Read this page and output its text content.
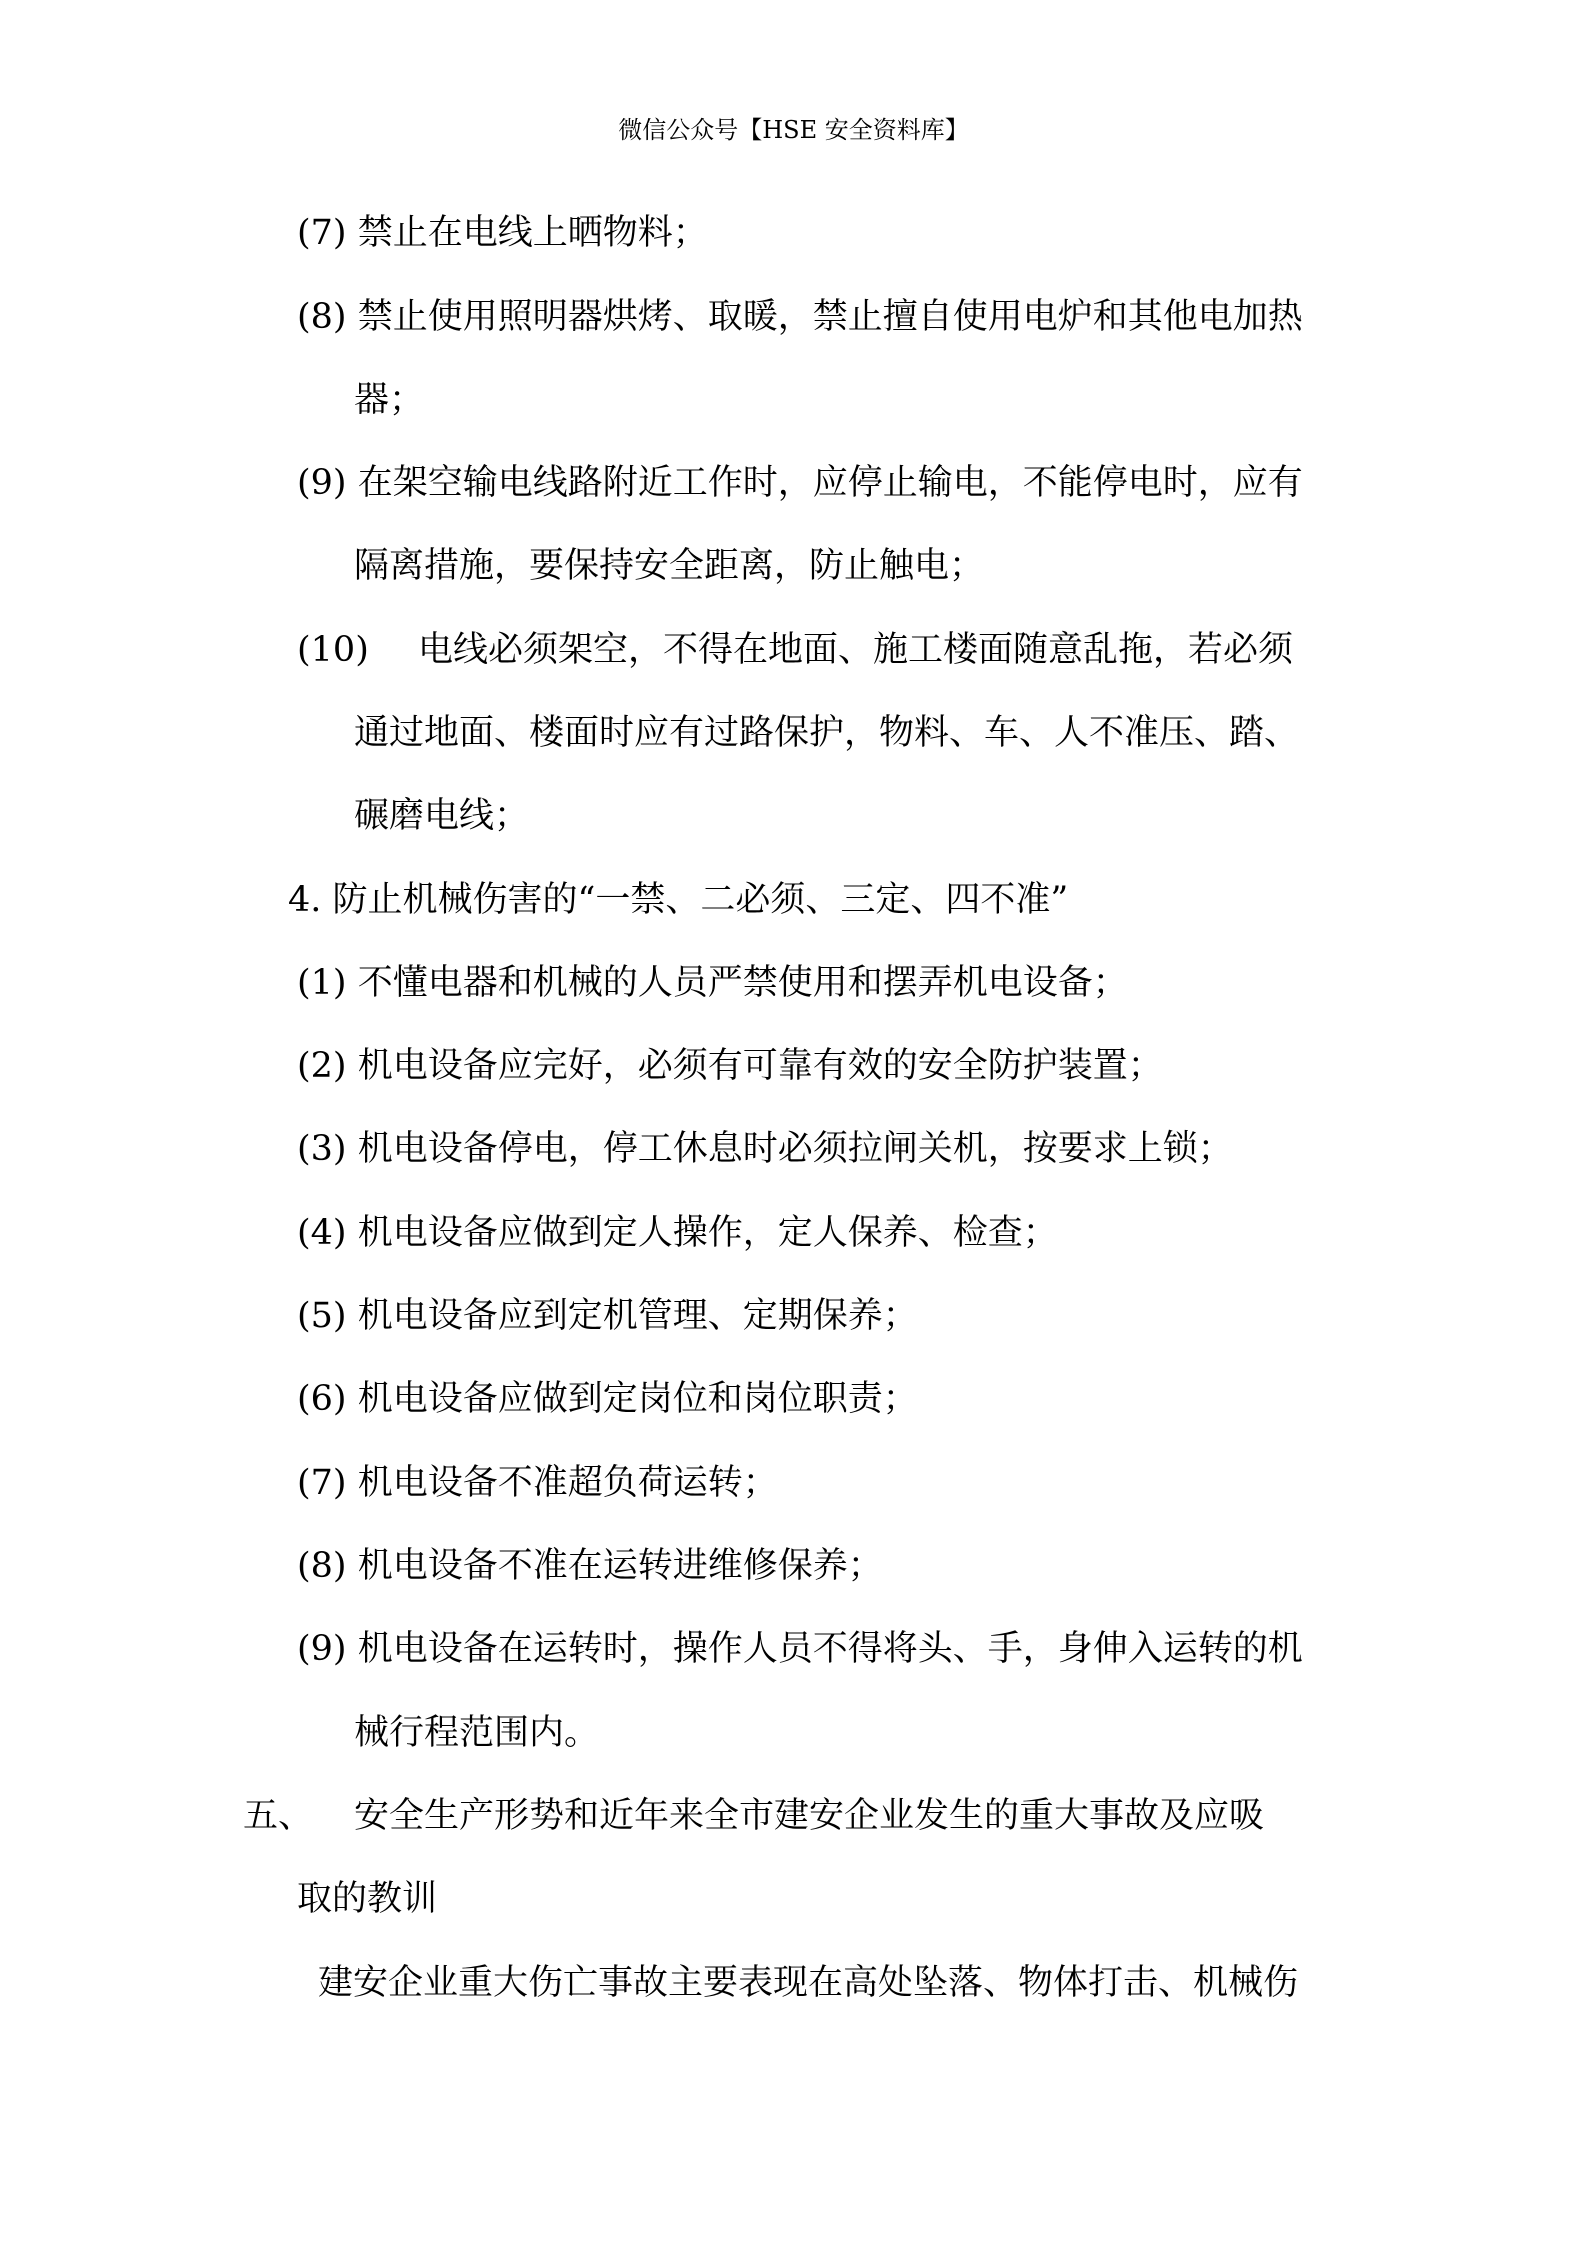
微信公众号【HSE 安全资料库】
(7) 禁止在电线上晒物料；
(8) 禁止使用照明器烘烤、取暖，禁止擅自使用电炉和其他电加热
器；
(9) 在架空输电线路附近工作时，应停止输电，不能停电时，应有
隔离措施，要保持安全距离，防止触电；
(10) 电线必须架空，不得在地面、施工楼面随意乱拖，若必须
通过地面、楼面时应有过路保护，物料、车、人不准压、踏、
碾磨电线；
4. 防止机械伤害的“一禁、二必须、三定、四不准”
(1) 不懂电器和机械的人员严禁使用和摆弄机电设备；
(2) 机电设备应完好，必须有可靠有效的安全防护装置；
(3) 机电设备停电，停工休息时必须拉闸关机，按要求上锁；
(4) 机电设备应做到定人操作，定人保养、检查；
(5) 机电设备应到定机管理、定期保养；
(6) 机电设备应做到定岗位和岗位职责；
(7) 机电设备不准超负荷运转；
(8) 机电设备不准在运转进维修保养；
(9) 机电设备在运转时，操作人员不得将头、手，身伸入运转的机
械行程范围内。
五、 安全生产形势和近年来全市建安企业发生的重大事故及应吸
取的教训
建安企业重大伤亡事故主要表现在高处坠落、物体打击、机械伤
